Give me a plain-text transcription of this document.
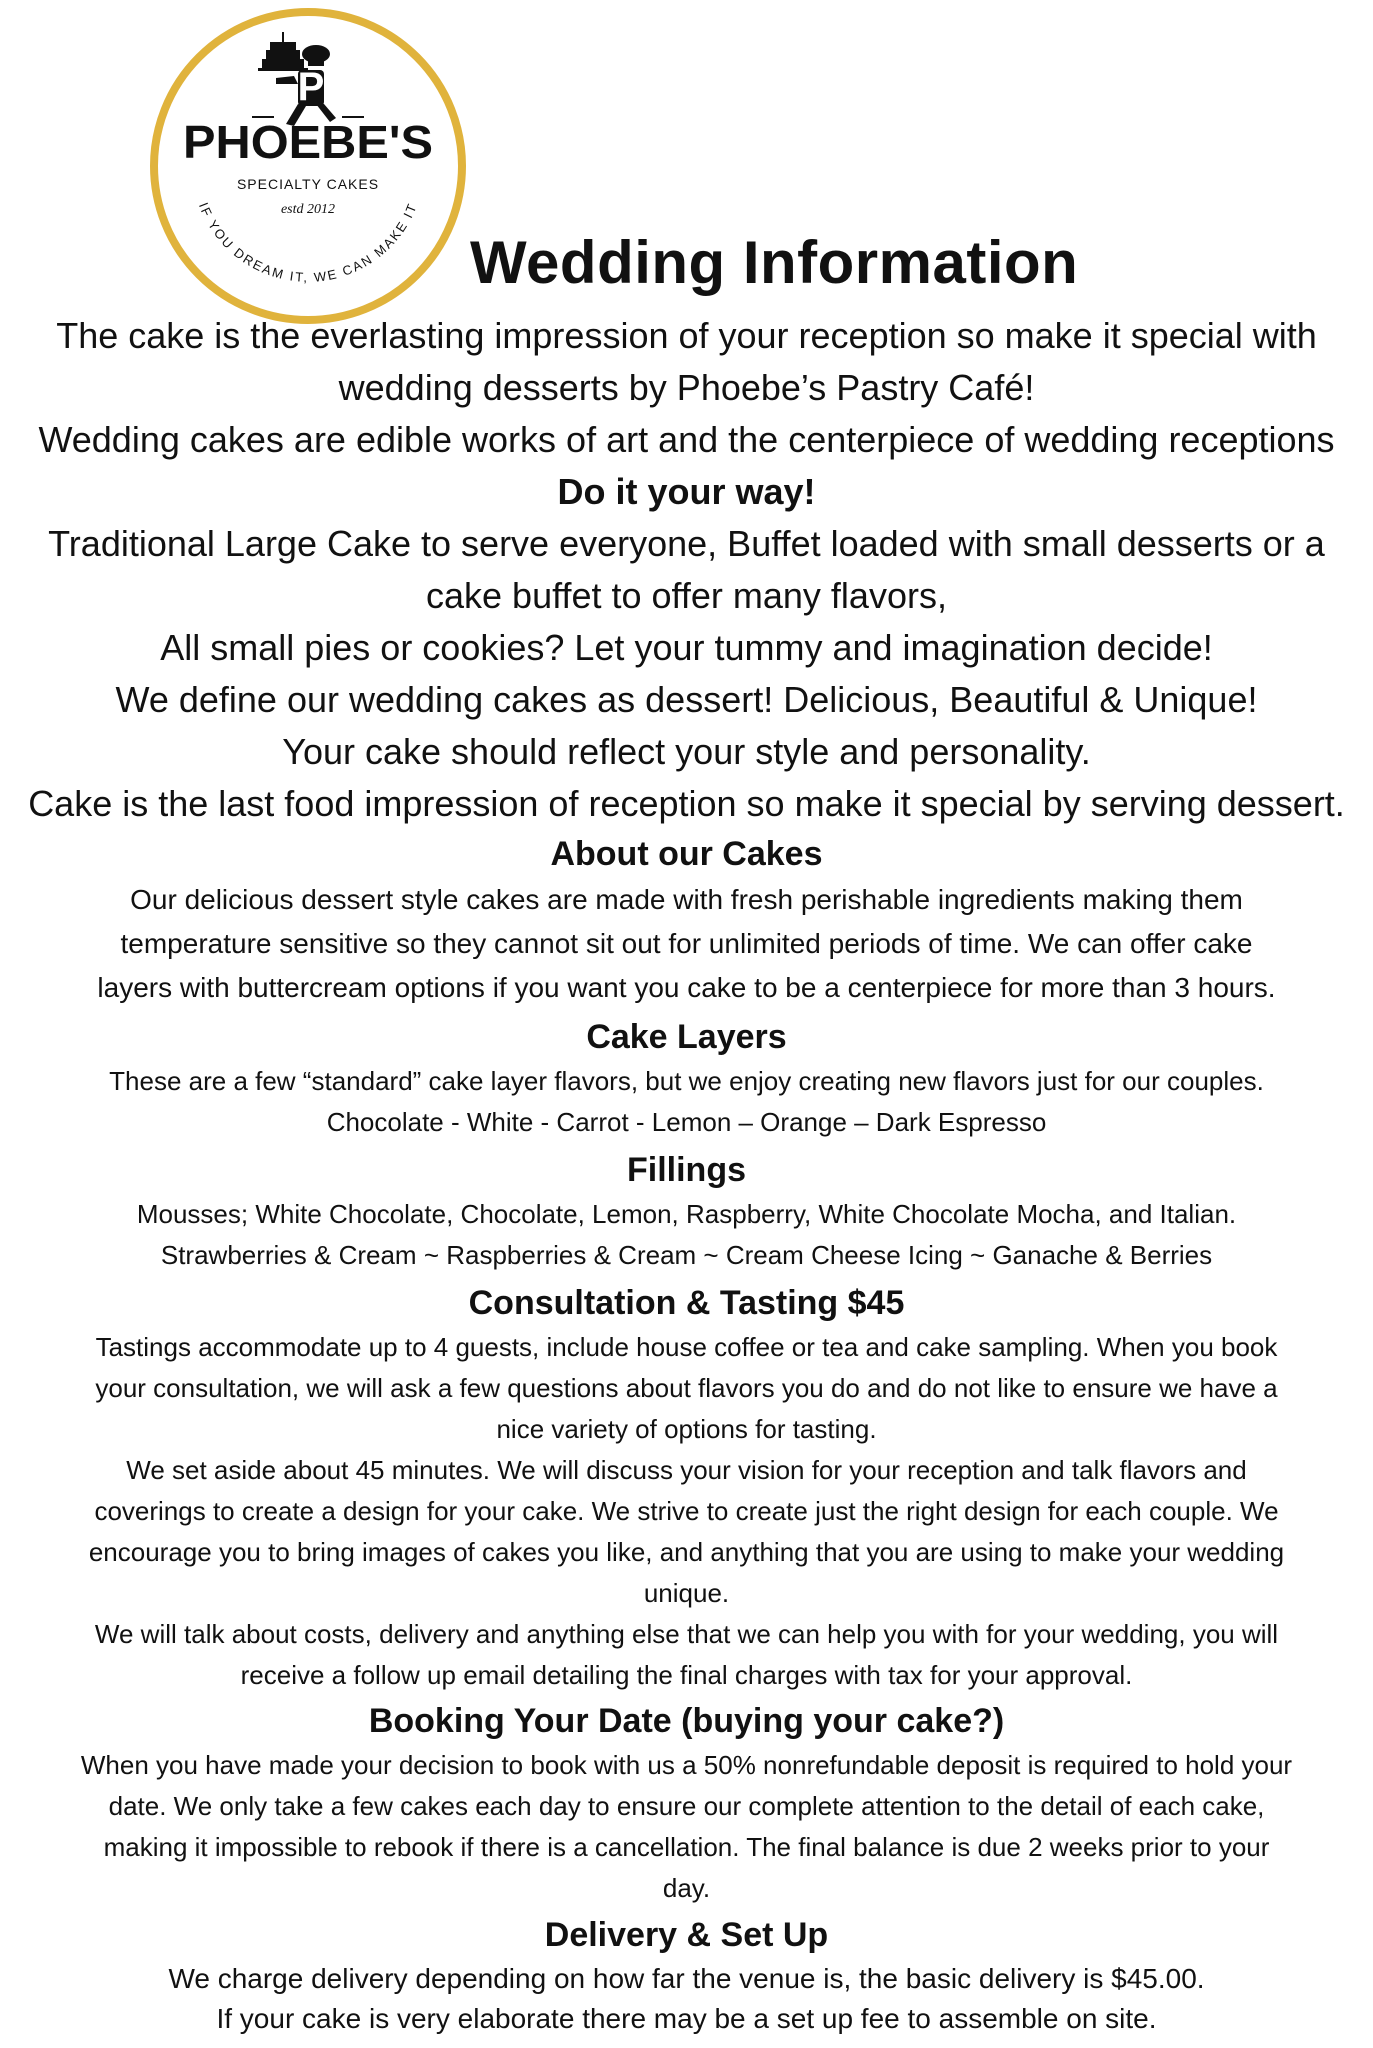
P
PHOEBE'S
SPECIALTY CAKES
estd 2012
IF YOU DREAM IT, WE CAN MAKE IT
Wedding Information

The cake is the everlasting impression of your reception so make it special with

wedding desserts by Phoebe’s Pastry Café!

Wedding cakes are edible works of art and the centerpiece of wedding receptions

Do it your way!

Traditional Large Cake to serve everyone, Buffet loaded with small desserts or a

cake buffet to offer many flavors,

All small pies or cookies? Let your tummy and imagination decide!

We define our wedding cakes as dessert! Delicious, Beautiful & Unique!

Your cake should reflect your style and personality.

Cake is the last food impression of reception so make it special by serving dessert.

About our Cakes

Our delicious dessert style cakes are made with fresh perishable ingredients making them

temperature sensitive so they cannot sit out for unlimited periods of time. We can offer cake

layers with buttercream options if you want you cake to be a centerpiece for more than 3 hours.

Cake Layers

These are a few “standard” cake layer flavors, but we enjoy creating new flavors just for our couples.

Chocolate - White - Carrot - Lemon – Orange – Dark Espresso

Fillings

Mousses; White Chocolate, Chocolate, Lemon, Raspberry, White Chocolate Mocha, and Italian.

Strawberries & Cream ~ Raspberries & Cream ~ Cream Cheese Icing ~ Ganache & Berries

Consultation & Tasting $45

Tastings accommodate up to 4 guests, include house coffee or tea and cake sampling. When you book

your consultation, we will ask a few questions about flavors you do and do not like to ensure we have a

nice variety of options for tasting.

We set aside about 45 minutes. We will discuss your vision for your reception and talk flavors and

coverings to create a design for your cake. We strive to create just the right design for each couple. We

encourage you to bring images of cakes you like, and anything that you are using to make your wedding

unique.

We will talk about costs, delivery and anything else that we can help you with for your wedding, you will

receive a follow up email detailing the final charges with tax for your approval.

Booking Your Date (buying your cake?)

When you have made your decision to book with us a 50% nonrefundable deposit is required to hold your

date. We only take a few cakes each day to ensure our complete attention to the detail of each cake,

making it impossible to rebook if there is a cancellation. The final balance is due 2 weeks prior to your

day.

Delivery & Set Up

We charge delivery depending on how far the venue is, the basic delivery is $45.00.

If your cake is very elaborate there may be a set up fee to assemble on site.
